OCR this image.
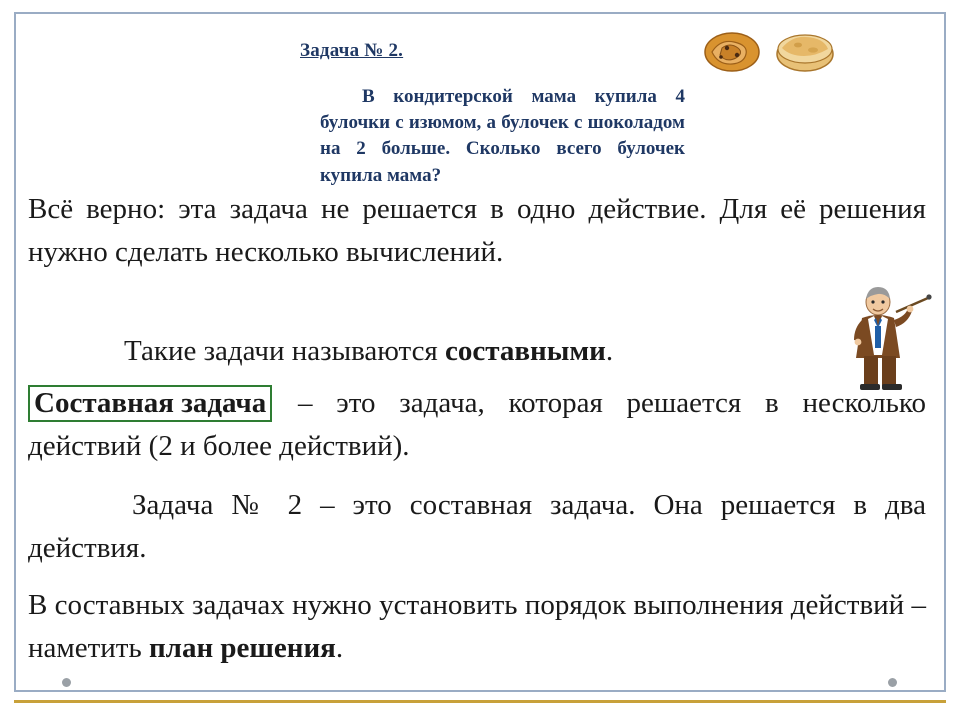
Задача № 2.
В кондитерской мама купила 4 булочки с изюмом, а булочек с шоколадом на 2 больше. Сколько всего булочек купила мама?
Всё верно: эта задача не решается в одно действие. Для её решения нужно сделать несколько вычислений.
Такие задачи называются составными.
Составная задача – это задача, которая решается в несколько действий (2 и более действий).
Задача № 2 – это составная задача. Она решается в два действия.
В составных задачах нужно установить порядок выполнения действий – наметить план решения.
